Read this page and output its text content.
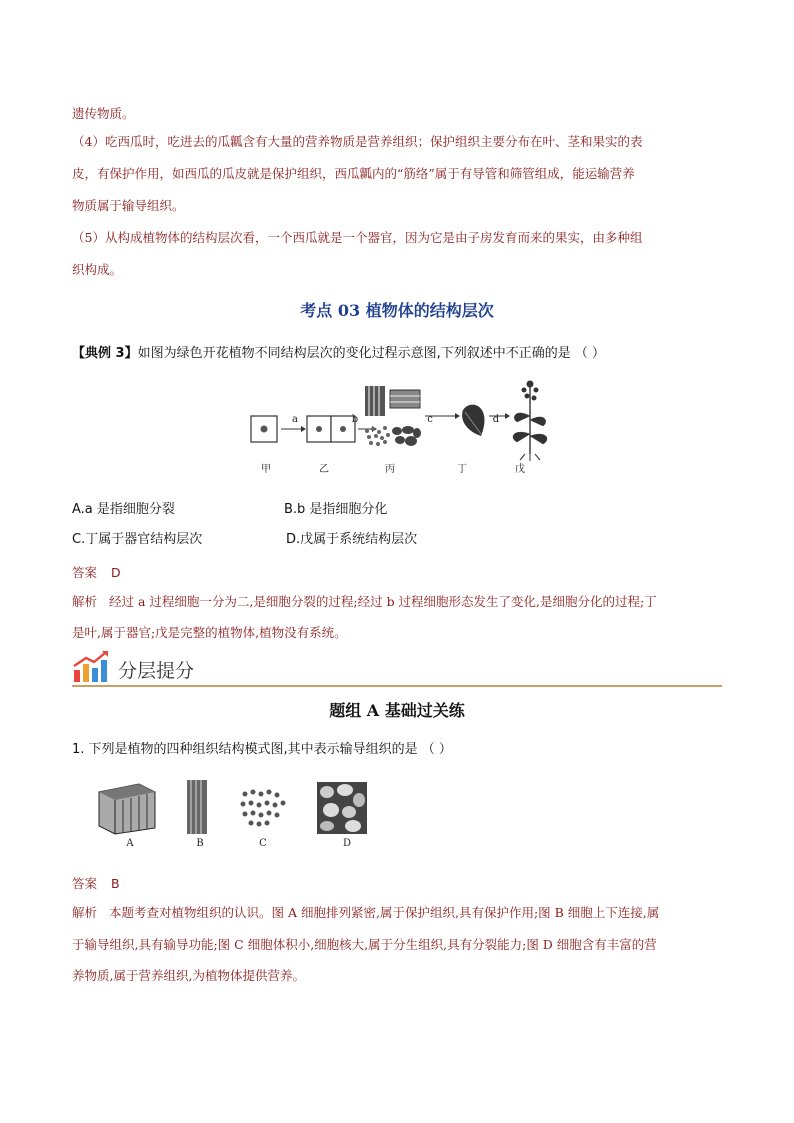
遗传物质。
（4）吃西瓜时，吃进去的瓜瓤含有大量的营养物质是营养组织；保护组织主要分布在叶、茎和果实的表
皮，有保护作用，如西瓜的瓜皮就是保护组织，西瓜瓤内的“筋络”属于有导管和筛管组成，能运输营养
物质属于输导组织。
（5）从构成植物体的结构层次看，一个西瓜就是一个器官，因为它是由子房发育而来的果实，由多种组
织构成。
考点 03 植物体的结构层次
【典例 3】如图为绿色开花植物不同结构层次的变化过程示意图,下列叙述中不正确的是 （ ）
a	b	c	d
甲	乙	丙	丁	戊
A.a 是指细胞分裂	B.b 是指细胞分化
C.丁属于器官结构层次	D.戊属于系统结构层次
答案 D
解析 经过 a 过程细胞一分为二,是细胞分裂的过程;经过 b 过程细胞形态发生了变化,是细胞分化的过程;丁
是叶,属于器官;戊是完整的植物体,植物没有系统。
分层提分
题组 A 基础过关练
1. 下列是植物的四种组织结构模式图,其中表示输导组织的是 （ ）
A	B	C	D
答案 B
解析 本题考查对植物组织的认识。图 A 细胞排列紧密,属于保护组织,具有保护作用;图 B 细胞上下连接,属
于输导组织,具有输导功能;图 C 细胞体积小,细胞核大,属于分生组织,具有分裂能力;图 D 细胞含有丰富的营
养物质,属于营养组织,为植物体提供营养。
